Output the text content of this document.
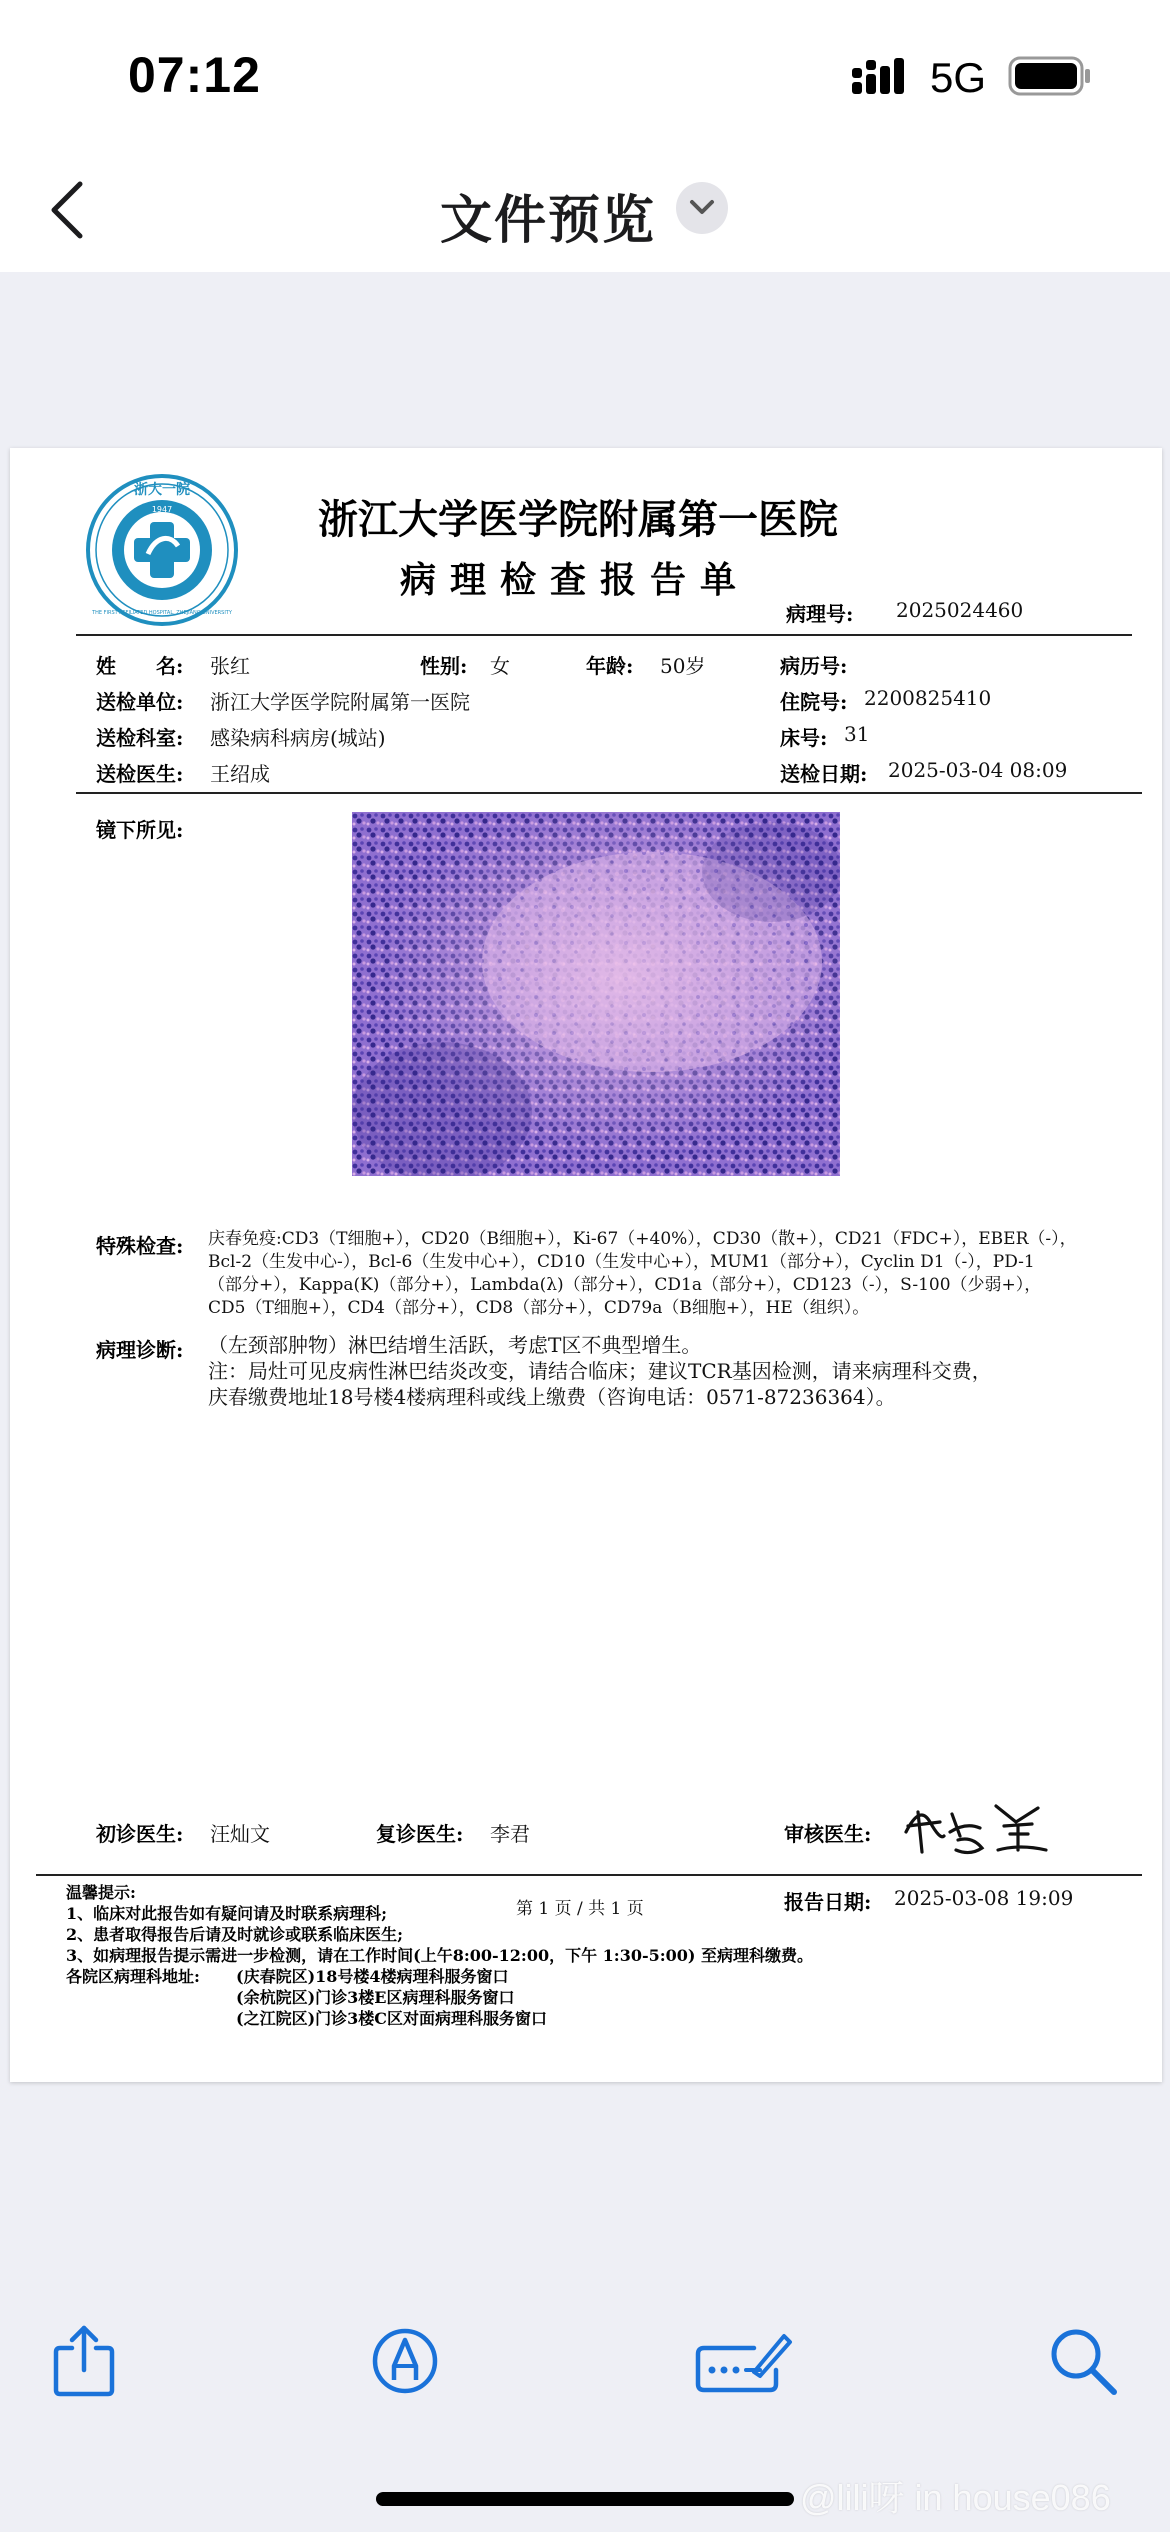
07:12	5G
文件预览
1947
浙大一院
THE FIRST AFFILIATED HOSPITAL, ZHEJIANG UNIVERSITY
浙江大学医学院附属第一医院
病理检查报告单
病理号: 2025024460
姓　　名: 张红	性别: 女	年龄: 50岁	病历号:
送检单位: 浙江大学医学院附属第一医院	住院号: 2200825410
送检科室: 感染病科病房(城站)	床号: 31
送检医生: 王绍成	送检日期: 2025-03-04 08:09
镜下所见:
特殊检查: 庆春免疫:CD3（T细胞+），CD20（B细胞+），Ki-67（+40%），CD30（散+），CD21（FDC+），EBER（-），
Bcl-2（生发中心-），Bcl-6（生发中心+），CD10（生发中心+），MUM1（部分+），Cyclin D1（-），PD-1
（部分+），Kappa(K)（部分+），Lambda(λ)（部分+），CD1a（部分+），CD123（-），S-100（少弱+），
CD5（T细胞+），CD4（部分+），CD8（部分+），CD79a（B细胞+），HE（组织）。
病理诊断: （左颈部肿物）淋巴结增生活跃，考虑T区不典型增生。
注：局灶可见皮病性淋巴结炎改变，请结合临床；建议TCR基因检测，请来病理科交费，
庆春缴费地址18号楼4楼病理科或线上缴费（咨询电话：0571-87236364）。
初诊医生: 汪灿文	复诊医生: 李君	审核医生:
温馨提示:
第 1 页 / 共 1 页	报告日期: 2025-03-08 19:09
1、临床对此报告如有疑问请及时联系病理科;
2、患者取得报告后请及时就诊或联系临床医生;
3、如病理报告提示需进一步检测，请在工作时间(上午8:00-12:00，下午 1:30-5:00) 至病理科缴费。
各院区病理科地址: (庆春院区)18号楼4楼病理科服务窗口
(余杭院区)门诊3楼E区病理科服务窗口
(之江院区)门诊3楼C区对面病理科服务窗口
@lili呀 in house086
